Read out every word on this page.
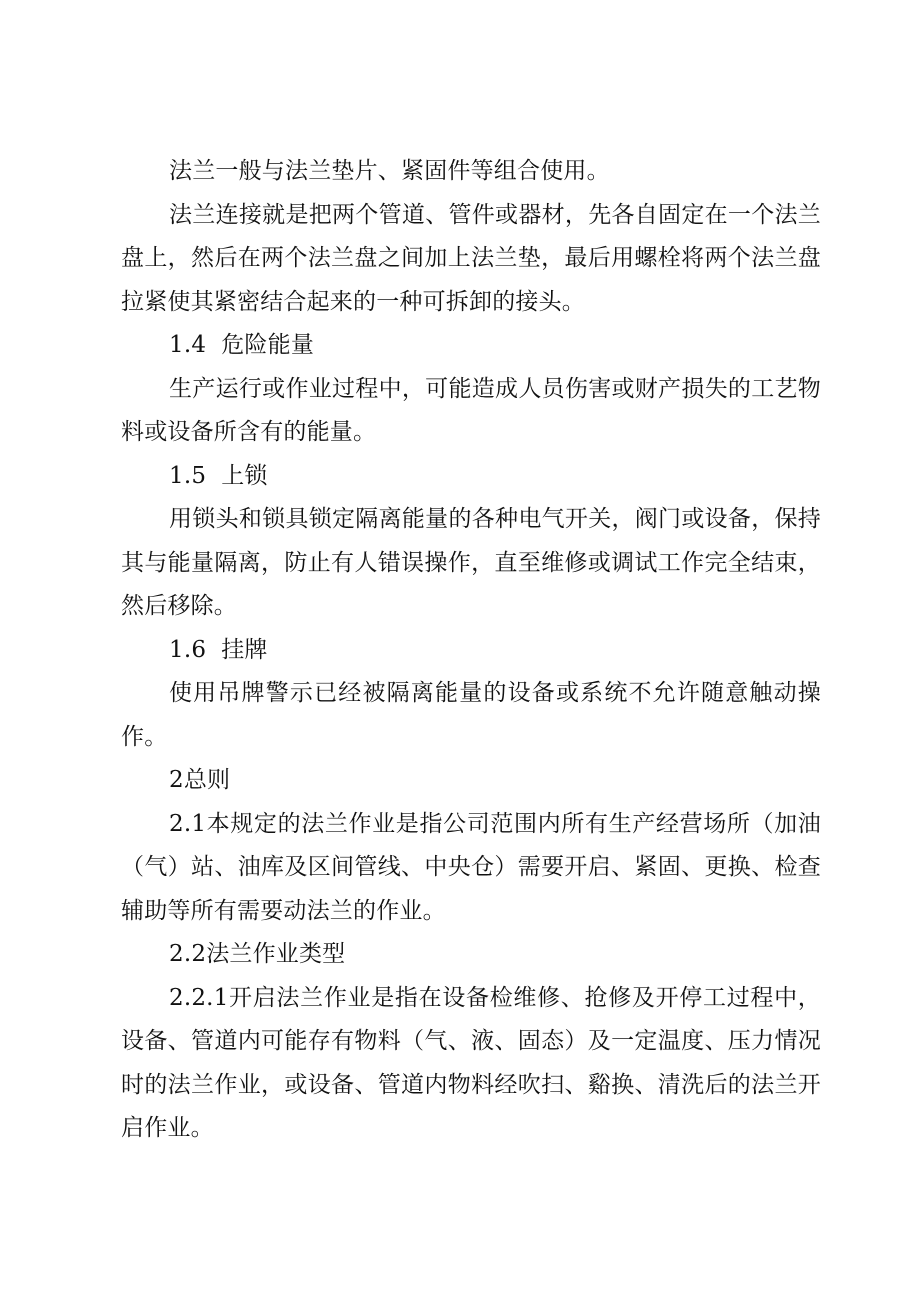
法兰一般与法兰垫片、紧固件等组合使用。

法兰连接就是把两个管道、管件或器材，先各自固定在一个法兰盘上，然后在两个法兰盘之间加上法兰垫，最后用螺栓将两个法兰盘拉紧使其紧密结合起来的一种可拆卸的接头。

1.4 危险能量

生产运行或作业过程中，可能造成人员伤害或财产损失的工艺物料或设备所含有的能量。

1.5 上锁

用锁头和锁具锁定隔离能量的各种电气开关，阀门或设备，保持其与能量隔离，防止有人错误操作，直至维修或调试工作完全结束，然后移除。

1.6 挂牌

使用吊牌警示已经被隔离能量的设备或系统不允许随意触动操作。

2总则

2.1本规定的法兰作业是指公司范围内所有生产经营场所（加油（气）站、油库及区间管线、中央仓）需要开启、紧固、更换、检查辅助等所有需要动法兰的作业。

2.2法兰作业类型

2.2.1开启法兰作业是指在设备检维修、抢修及开停工过程中，设备、管道内可能存有物料（气、液、固态）及一定温度、压力情况时的法兰作业，或设备、管道内物料经吹扫、谿换、清洗后的法兰开启作业。
